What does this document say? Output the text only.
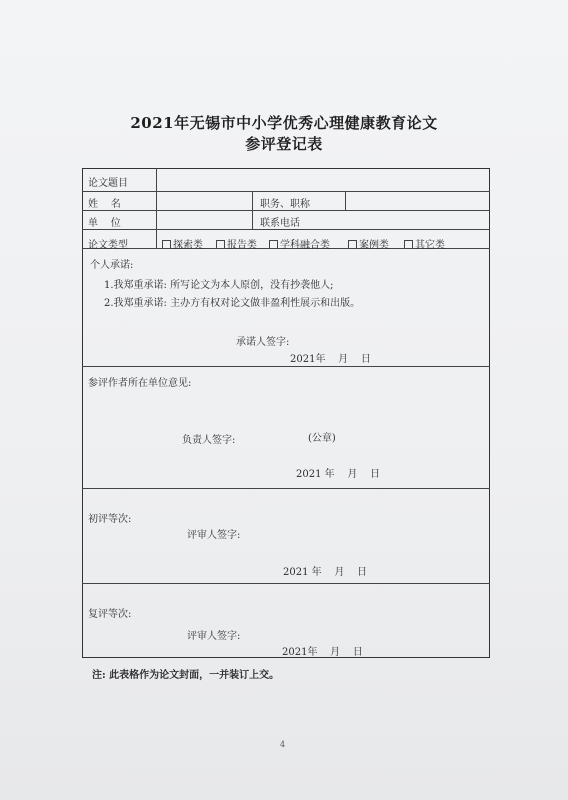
2021年无锡市中小学优秀心理健康教育论文
参评登记表
论文题目
姓    名	职务、职称
单    位	联系电话
论文类型	探索类	报告类	学科融合类	案例类	其它类
个人承诺:
1.我郑重承诺: 所写论文为本人原创，没有抄袭他人;
2.我郑重承诺: 主办方有权对论文做非盈利性展示和出版。
承诺人签字:
2021年    月    日
参评作者所在单位意见:
负责人签字:	(公章)
2021 年    月    日
初评等次:
评审人签字:
2021 年    月    日
复评等次:
评审人签字:
2021年    月    日
注: 此表格作为论文封面，一并装订上交。
4
